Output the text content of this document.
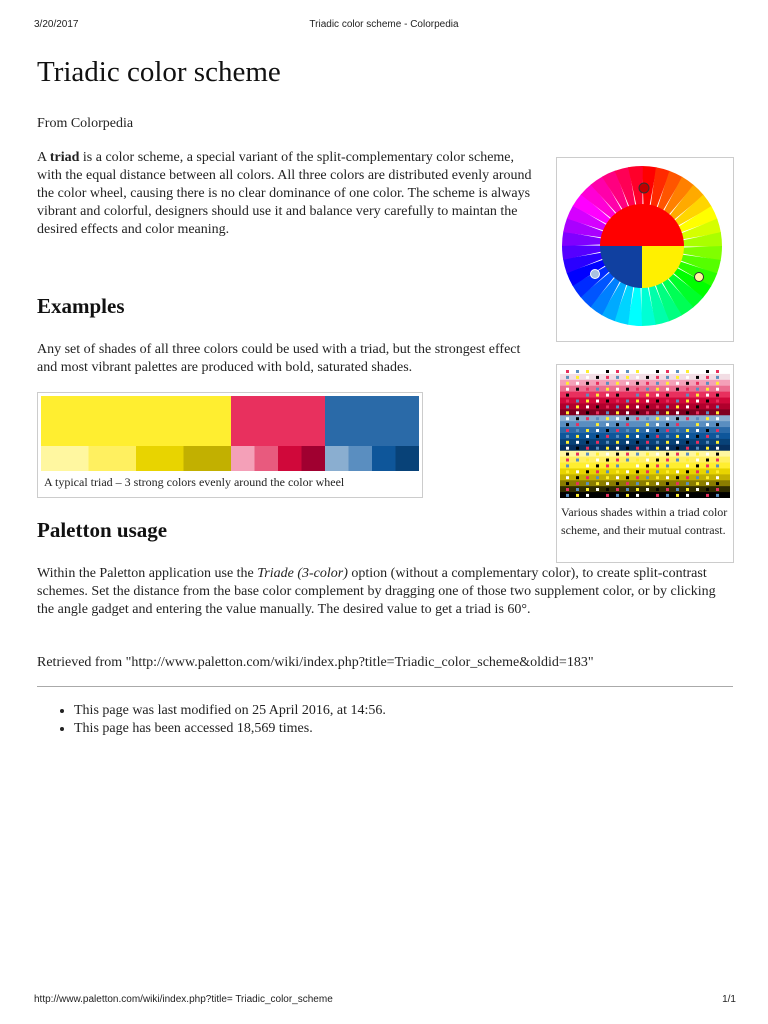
3/20/2017	Triadic color scheme - Colorpedia
Triadic color scheme

From Colorpedia

A triad is a color scheme, a special variant of the split-complementary color scheme, with the equal distance between all colors. All three colors are distributed evenly around the color wheel, causing there is no clear dominance of one color. The scheme is always vibrant and colorful, designers should use it and balance very carefully to maintan the desired effects and color meaning.

Examples

Any set of shades of all three colors could be used with a triad, but the strongest effect and most vibrant palettes are produced with bold, saturated shades.

A typical triad – 3 strong colors evenly around the color wheel
Various shades within a triad color scheme, and their mutual contrast.
Paletton usage

Within the Paletton application use the Triade (3-color) option (without a complementary color), to create split-contrast schemes. Set the distance from the base color complement by dragging one of those two supplement color, or by clicking the angle gadget and entering the value manually. The desired value to get a triad is 60°.

Retrieved from "http://www.paletton.com/wiki/index.php?title=Triadic_color_scheme&oldid=183"

• This page was last modified on 25 April 2016, at 14:56.
• This page has been accessed 18,569 times.
http://www.paletton.com/wiki/index.php?title= Triadic_color_scheme	1/1
